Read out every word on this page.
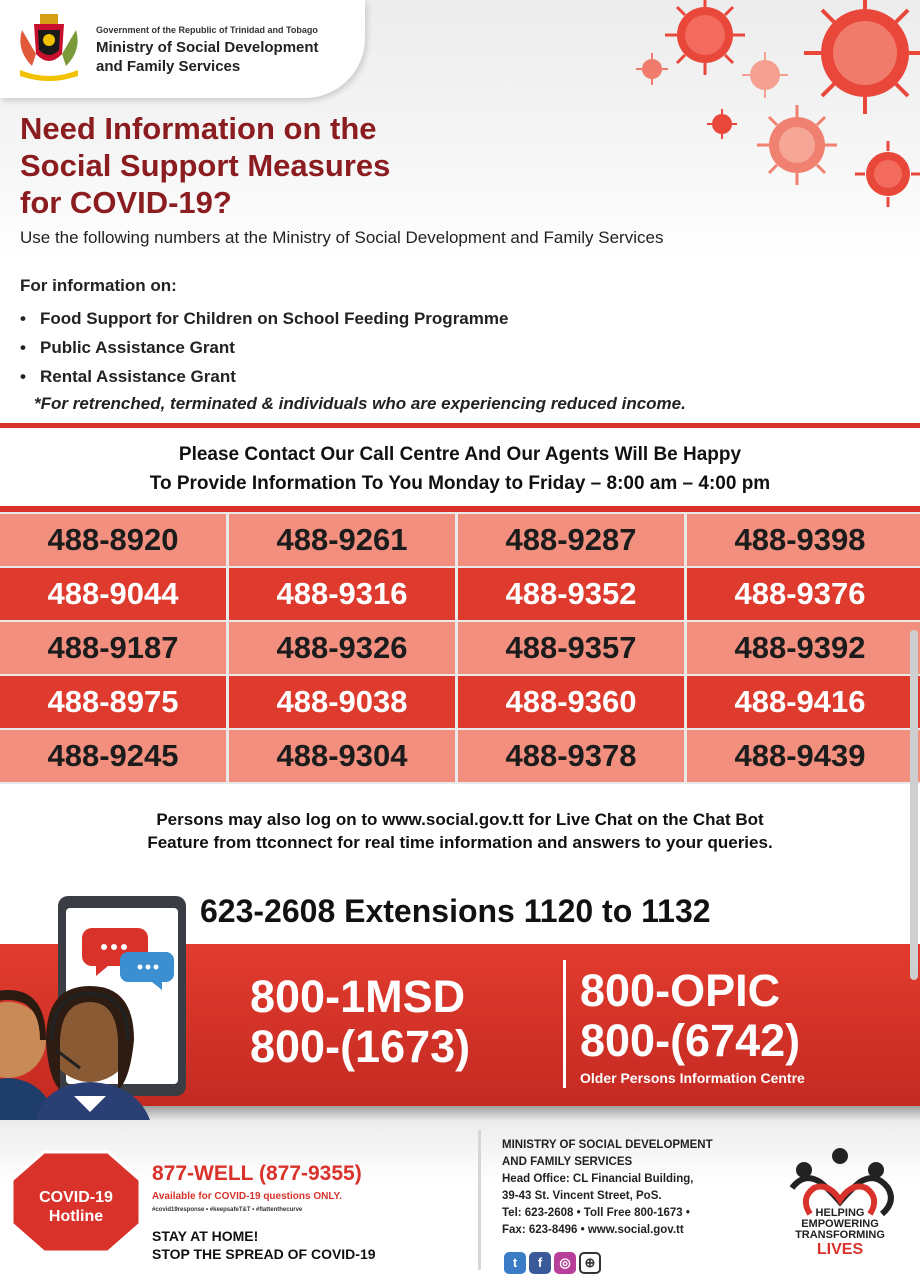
Government of the Republic of Trinidad and Tobago
Ministry of Social Development
and Family Services
Need Information on the
Social Support Measures
for COVID-19?
Use the following numbers at the Ministry of Social Development and Family Services
For information on:
• Food Support for Children on School Feeding Programme
• Public Assistance Grant
• Rental Assistance Grant
*For retrenched, terminated & individuals who are experiencing reduced income.
Please Contact Our Call Centre And Our Agents Will Be Happy
To Provide Information To You Monday to Friday – 8:00 am – 4:00 pm
488-8920	488-9261	488-9287	488-9398
488-9044	488-9316	488-9352	488-9376
488-9187	488-9326	488-9357	488-9392
488-8975	488-9038	488-9360	488-9416
488-9245	488-9304	488-9378	488-9439
Persons may also log on to www.social.gov.tt for Live Chat on the Chat Bot
Feature from ttconnect for real time information and answers to your queries.
623-2608 Extensions 1120 to 1132
800-1MSD
800-(1673)
800-OPIC
800-(6742)
Older Persons Information Centre
COVID-19
Hotline
877-WELL (877-9355)
Available for COVID-19 questions ONLY.
#covid19response • #keepsafeT&T • #flattenthecurve
STAY AT HOME!
STOP THE SPREAD OF COVID-19
MINISTRY OF SOCIAL DEVELOPMENT
AND FAMILY SERVICES
Head Office: CL Financial Building,
39-43 St. Vincent Street, PoS.
Tel: 623-2608 • Toll Free 800-1673 •
Fax: 623-8496 • www.social.gov.tt
t f ◎ ⊕
HELPING
EMPOWERING
TRANSFORMING
LIVES
